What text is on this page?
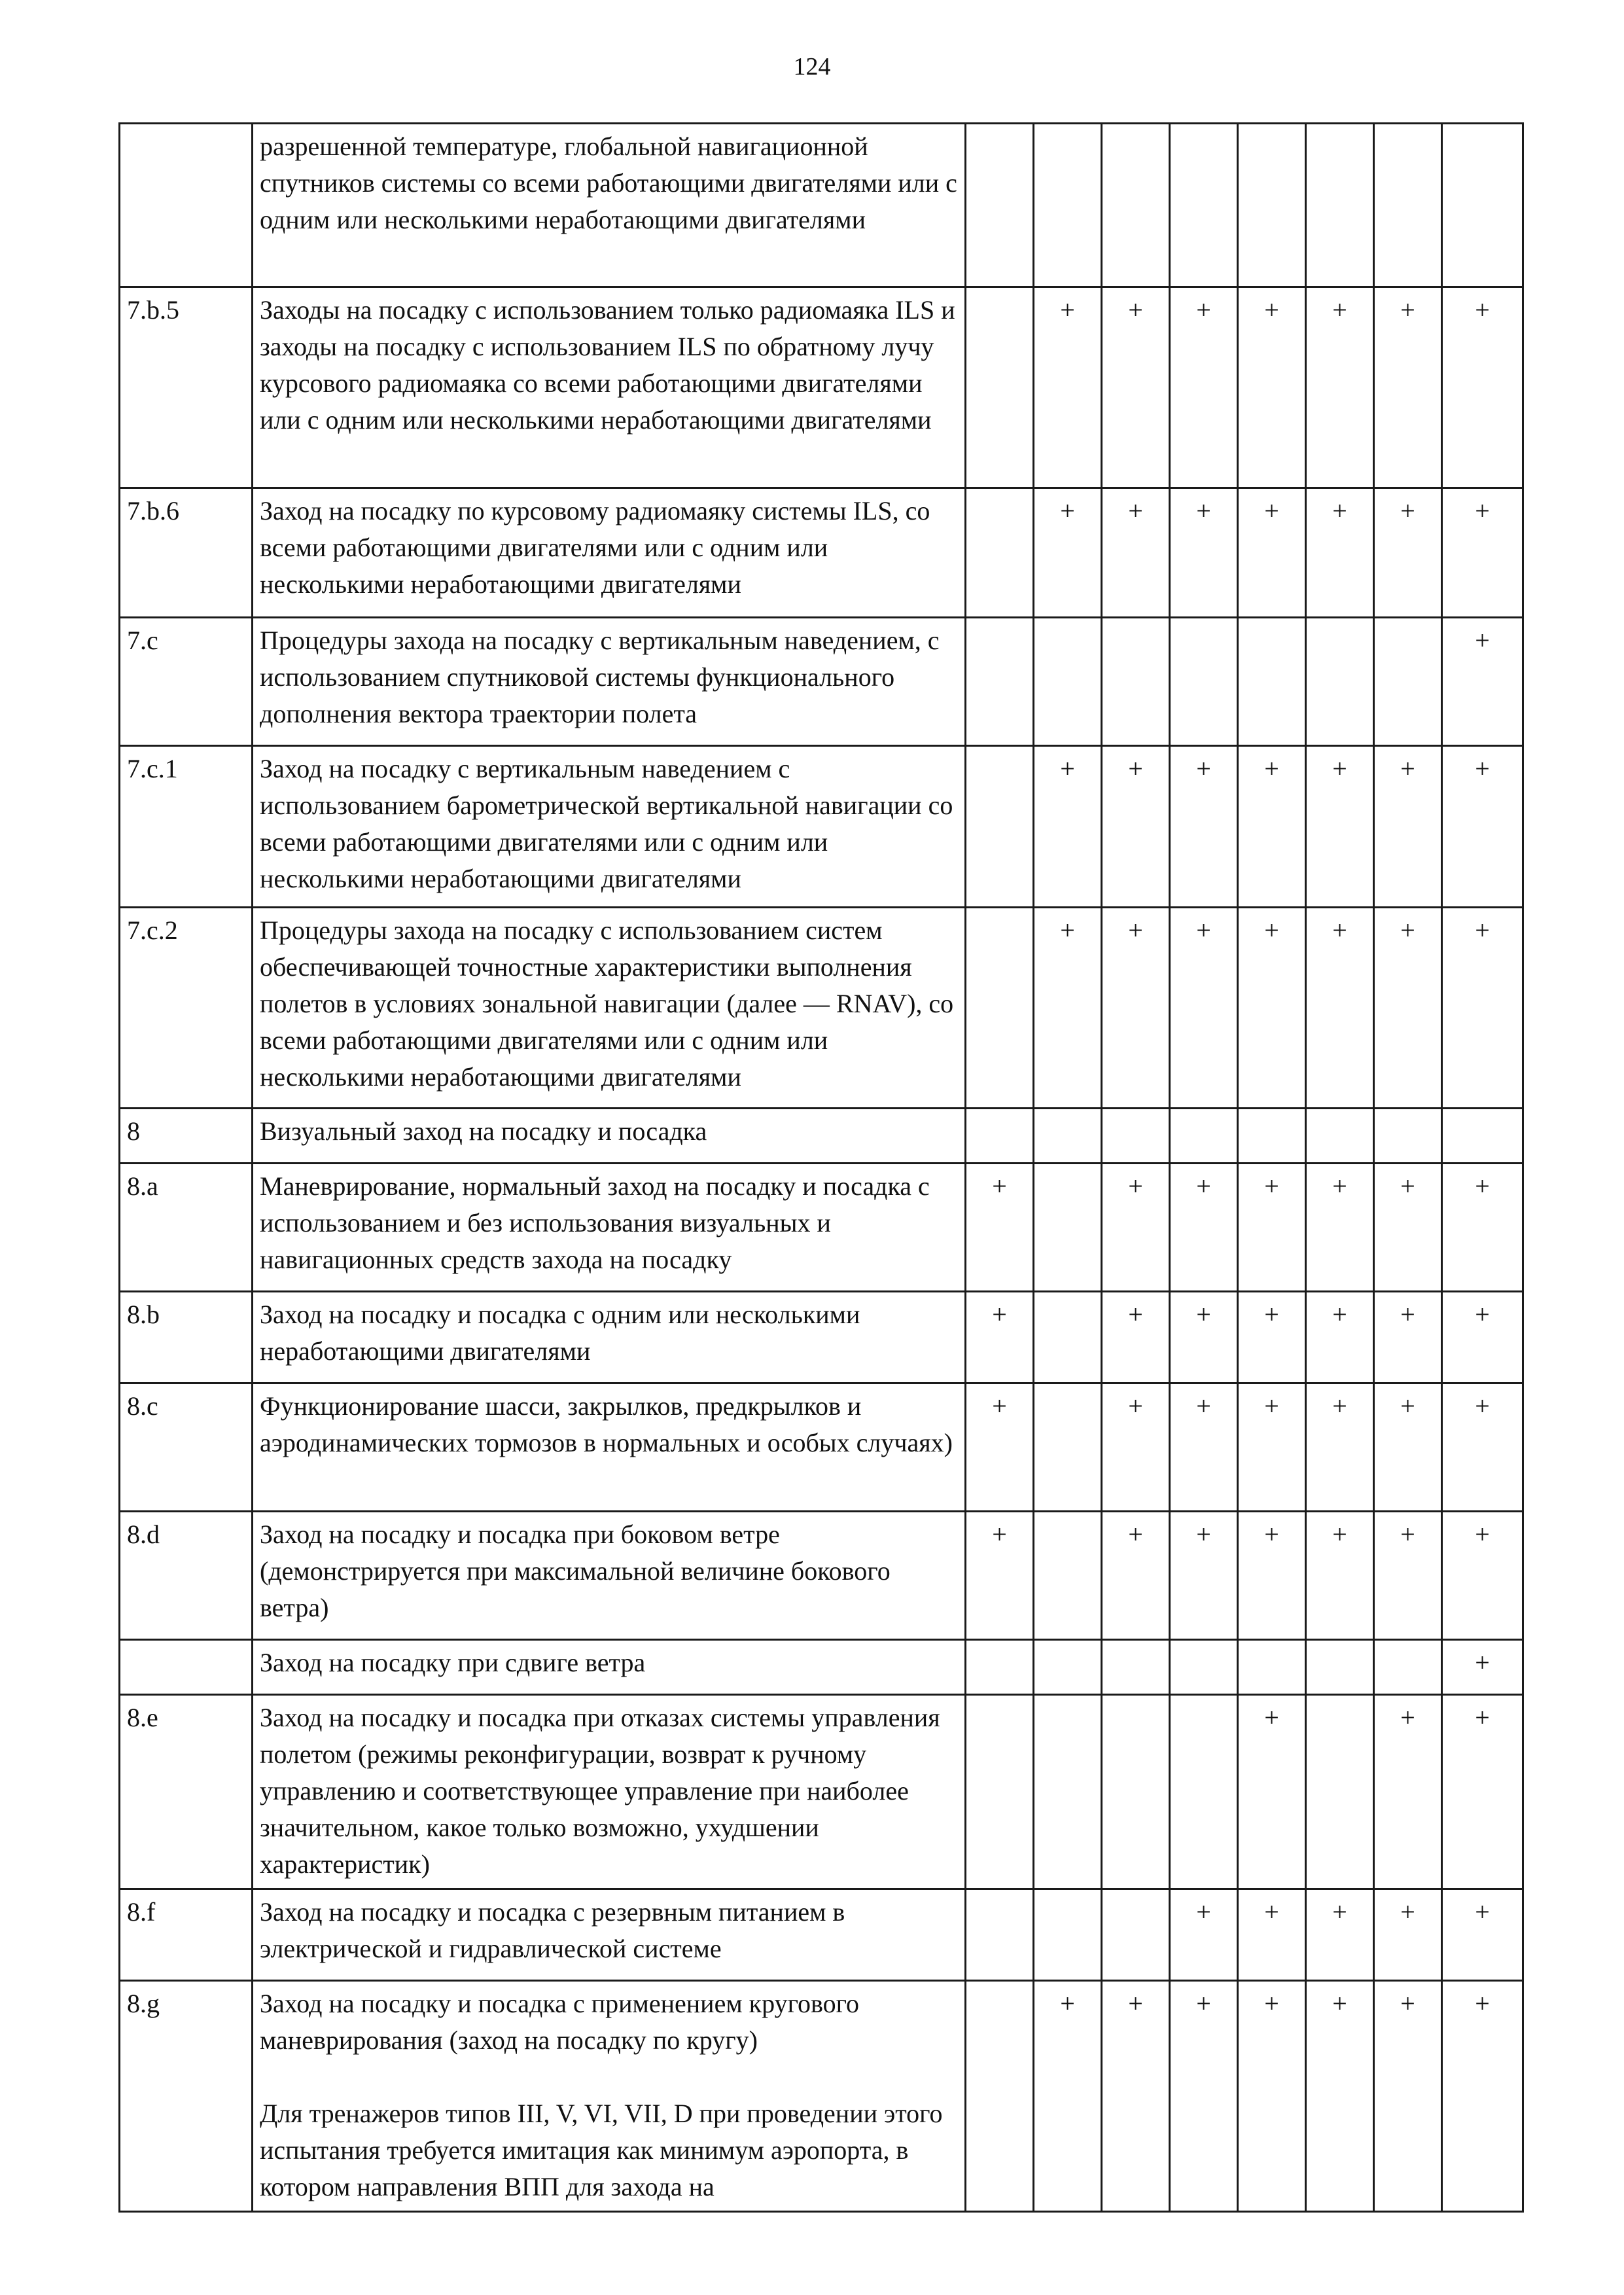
124

	разрешенной температуре, глобальной навигационной спутников системы со всеми работающими двигателями или с одним или несколькими неработающими двигателями								

7.b.5	Заходы на посадку с использованием только радиомаяка ILS и заходы на посадку с использованием ILS по обратному лучу курсового радиомаяка со всеми работающими двигателями или с одним или несколькими неработающими двигателями		+	+	+	+	+	+	+
7.b.6	Заход на посадку по курсовому радиомаяку системы ILS, со всеми работающими двигателями или с одним или несколькими неработающими двигателями		+	+	+	+	+	+	+
7.c	Процедуры захода на посадку с вертикальным наведением, с использованием спутниковой системы функционального дополнения вектора траектории полета								+
7.c.1	Заход на посадку с вертикальным наведением с использованием барометрической вертикальной навигации со всеми работающими двигателями или с одним или несколькими неработающими двигателями		+	+	+	+	+	+	+
7.c.2	Процедуры захода на посадку с использованием систем обеспечивающей точностные характеристики выполнения полетов в условиях зональной навигации (далее — RNAV), со всеми работающими двигателями или с одним или несколькими неработающими двигателями		+	+	+	+	+	+	+
8	Визуальный заход на посадку и посадка								

8.a	Маневрирование, нормальный заход на посадку и посадка с использованием и без использования визуальных и навигационных средств захода на посадку	+		+	+	+	+	+	+
8.b	Заход на посадку и посадка с одним или несколькими неработающими двигателями	+		+	+	+	+	+	+
8.c	Функционирование шасси, закрылков, предкрылков и аэродинамических тормозов в нормальных и особых случаях)	+		+	+	+	+	+	+
8.d	Заход на посадку и посадка при боковом ветре (демонстрируется при максимальной величине бокового ветра)	+		+	+	+	+	+	+

	Заход на посадку при сдвиге ветра								+
8.e	Заход на посадку и посадка при отказах системы управления полетом (режимы реконфигурации, возврат к ручному управлению и соответствующее управление при наиболее значительном, какое только возможно, ухудшении характеристик)					+		+	+
8.f	Заход на посадку и посадка с резервным питанием в электрической и гидравлической системе				+	+	+	+	+
8.g	Заход на посадку и посадка с применением кругового маневрирования (заход на посадку по кругу)
Для тренажеров типов III, V, VI, VII, D при проведении этого испытания требуется имитация как минимум аэропорта, в котором направления ВПП для захода на		+	+	+	+	+	+	+
